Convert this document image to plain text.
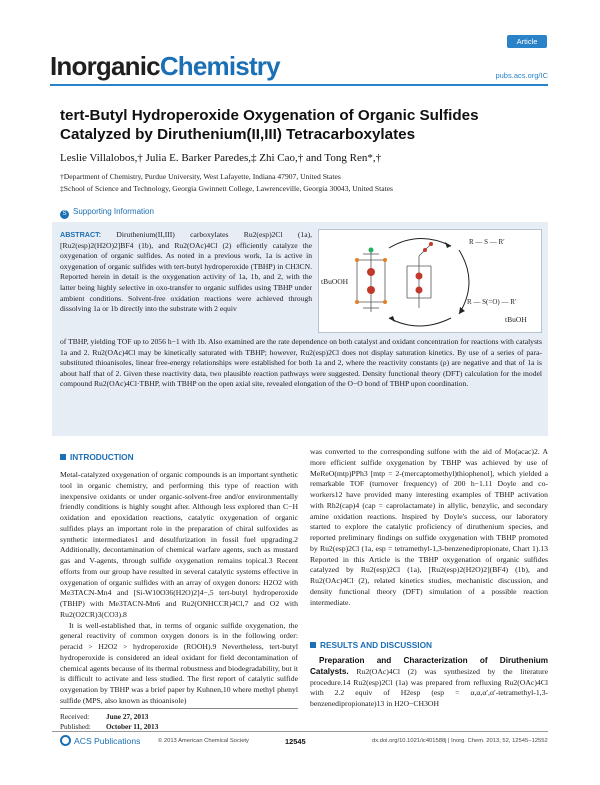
InorganicChemistry
Article
pubs.acs.org/IC
tert-Butyl Hydroperoxide Oxygenation of Organic Sulfides Catalyzed by Diruthenium(II,III) Tetracarboxylates
Leslie Villalobos,† Julia E. Barker Paredes,‡ Zhi Cao,† and Tong Ren*,†
†Department of Chemistry, Purdue University, West Lafayette, Indiana 47907, United States
‡School of Science and Technology, Georgia Gwinnett College, Lawrenceville, Georgia 30043, United States
S Supporting Information
ABSTRACT: Diruthenium(II,III) carboxylates Ru2(esp)2Cl (1a), [Ru2(esp)2(H2O)2]BF4 (1b), and Ru2(OAc)4Cl (2) efficiently catalyze the oxygenation of organic sulfides. As noted in a previous work, 1a is active in oxygenation of organic sulfides with tert-butyl hydroperoxide (TBHP) in CH3CN. Reported herein in detail is the oxygenation activity of 1a, 1b, and 2, with the latter being highly selective in oxo-transfer to organic sulfides using TBHP under ambient conditions. Solvent-free oxidation reactions were achieved through dissolving 1a or 1b directly into the substrate with 2 equiv
of TBHP, yielding TOF up to 2056 h−1 with 1b. Also examined are the rate dependence on both catalyst and oxidant concentration for reactions with catalysts 1a and 2. Ru2(OAc)4Cl may be kinetically saturated with TBHP; however, Ru2(esp)2Cl does not display saturation kinetics. By use of a series of para-substituted thioanisoles, linear free-energy relationships were established for both 1a and 2, where the reactivity constants (ρ) are negative and that of 1a is about half that of 2. Given these reactivity data, two plausible reaction pathways were suggested. Density functional theory (DFT) calculation for the model compound Ru2(OAc)4Cl·TBHP, with TBHP on the open axial site, revealed elongation of the O−O bond of TBHP upon coordination.
tBuOOH
tBuOH
R — S — R'
R — S(=O) — R'
INTRODUCTION

Metal-catalyzed oxygenation of organic compounds is an important synthetic tool in organic chemistry, and performing this type of reaction with inexpensive oxidants or under organic-solvent-free and/or environmentally friendly conditions is highly sought after. Although less explored than C−H oxidation and epoxidation reactions, catalytic oxygenation of organic sulfides plays an important role in the preparation of chiral sulfoxides as synthetic intermediates1 and desulfurization in fossil fuel upgrading.2 Additionally, decontamination of chemical warfare agents, such as mustard gas and V-agents, through sulfide oxygenation remains topical.3 Recent efforts from our group have resulted in several catalytic systems effective in oxygenation of organic sulfides with an array of oxygen donors: H2O2 with Me3TACN-Mn4 and [Si-W10O36(H2O)2]4−,5 tert-butyl hydroperoxide (TBHP) with Me3TACN-Mn6 and Ru2(ONHCCR)4Cl,7 and O2 with Ru2(O2CR)3(CO3).8

It is well-established that, in terms of organic sulfide oxygenation, the general reactivity of common oxygen donors is in the following order: peracid > H2O2 > hydroperoxide (ROOH).9 Nevertheless, tert-butyl hydroperoxide is considered an ideal oxidant for field decontamination of chemical agents because of its thermal robustness and biodegradability, but it is difficult to activate and less studied. The first report of catalytic sulfide oxygenation by TBHP was a brief paper by Kuhnen,10 where methyl phenyl sulfide (MPS, also known as thioanisole)

Received: June 27, 2013
Published: October 11, 2013

was converted to the corresponding sulfone with the aid of Mo(acac)2. A more efficient sulfide oxygenation by TBHP was achieved by use of MeReO(mtp)PPh3 [mtp = 2-(mercaptomethyl)thiophenol], which yielded a remarkable TOF (turnover frequency) of 200 h−1.11 Doyle and co-workers12 have provided many interesting examples of TBHP activation with Rh2(cap)4 (cap = caprolactamate) in allylic, benzylic, and secondary amine oxidation reactions. Inspired by Doyle's success, our laboratory started to explore the catalytic proficiency of diruthenium species, and reported preliminary findings on sulfide oxygenation with TBHP promoted by Ru2(esp)2Cl (1a, esp = tetramethyl-1,3-benzenedipropionate, Chart 1).13 Reported in this Article is the TBHP oxygenation of organic sulfides catalyzed by Ru2(esp)2Cl (1a), [Ru2(esp)2(H2O)2](BF4) (1b), and Ru2(OAc)4Cl (2), related kinetics studies, mechanistic discussion, and density functional theory (DFT) simulation of a possible reaction intermediate.

RESULTS AND DISCUSSION

Preparation and Characterization of Diruthenium Catalysts. Ru2(OAc)4Cl (2) was synthesized by the literature procedure.14 Ru2(esp)2Cl (1a) was prepared from refluxing Ru2(OAc)4Cl with 2.2 equiv of H2esp (esp = α,α,α′,α′-tetramethyl-1,3-benzenedipropionate)13 in H2O−CH3OH

ACS Publications	© 2013 American Chemical Society	12545	dx.doi.org/10.1021/ic401588j | Inorg. Chem. 2013, 52, 12545−12552
